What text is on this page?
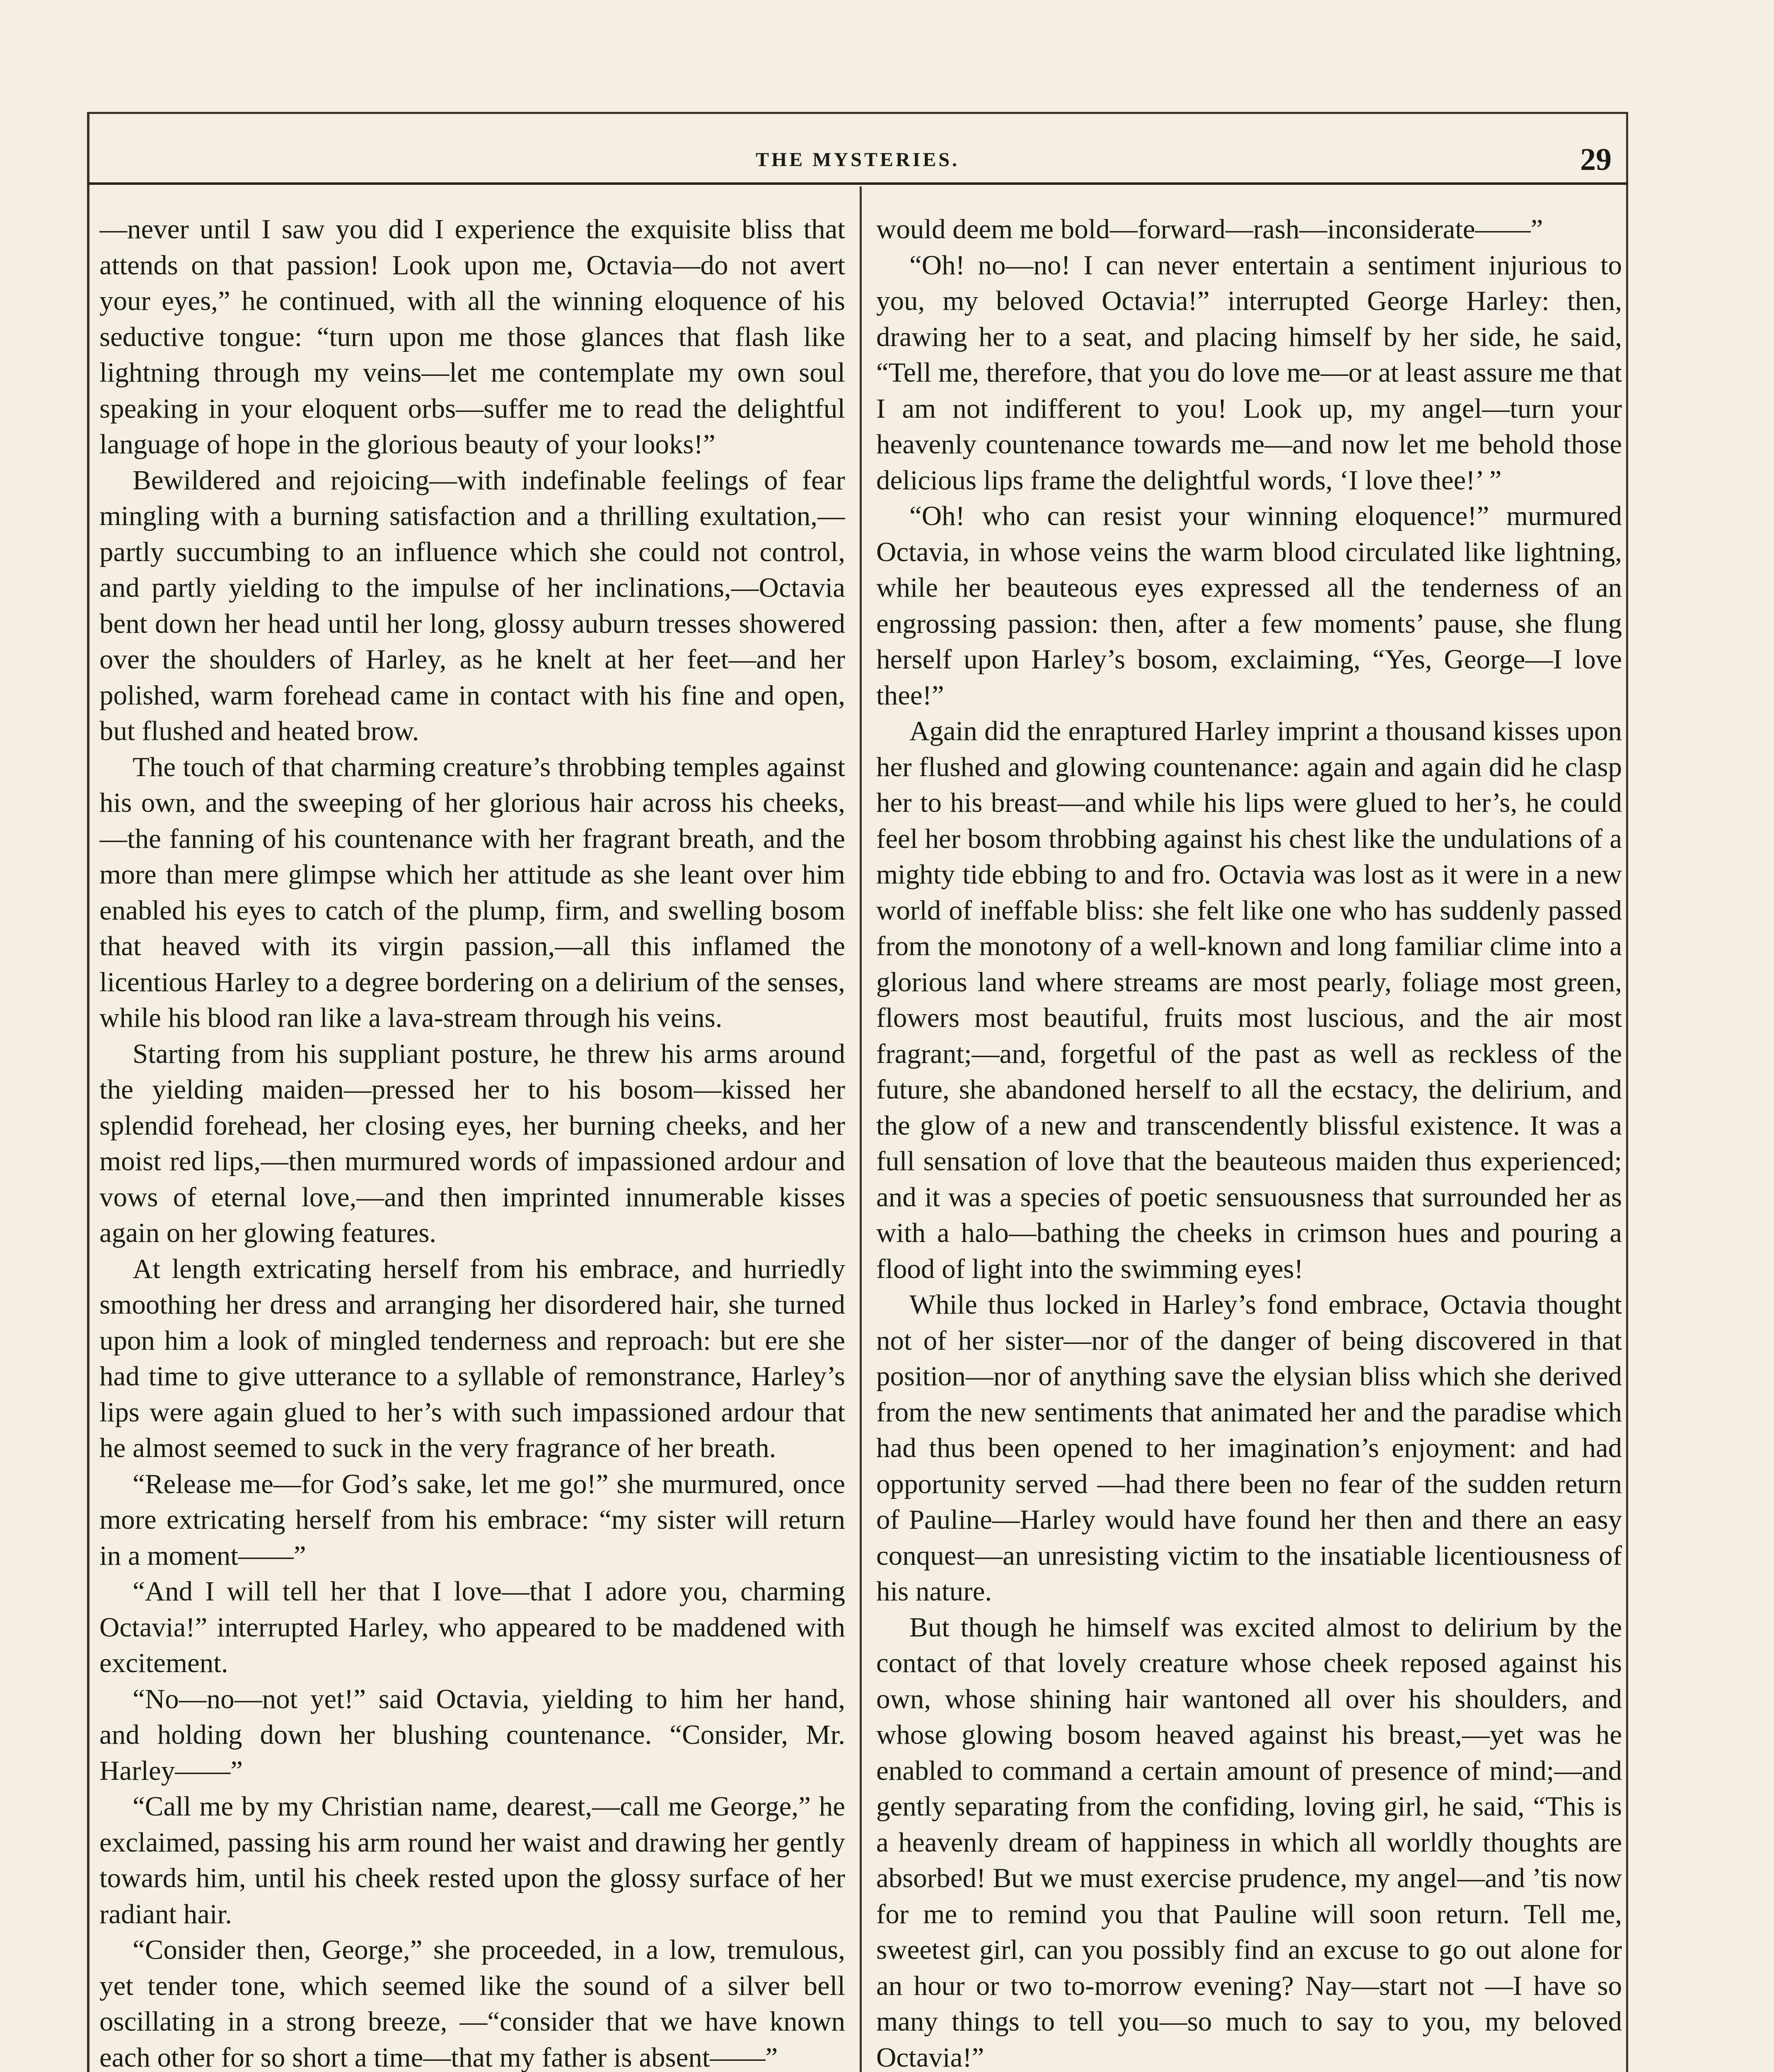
THE MYSTERIES.	29

—never until I saw you did I experience the exquisite bliss that attends on that passion! Look upon me, Octavia—do not avert your eyes,” he continued, with all the winning eloquence of his seductive tongue: “turn upon me those glances that flash like lightning through my veins—let me contemplate my own soul speaking in your eloquent orbs—suffer me to read the delightful language of hope in the glorious beauty of your looks!”

Bewildered and rejoicing—with indefinable feelings of fear mingling with a burning satisfaction and a thrilling exultation,—partly succumbing to an influence which she could not control, and partly yielding to the impulse of her inclinations,—Octavia bent down her head until her long, glossy auburn tresses showered over the shoulders of Harley, as he knelt at her feet—and her polished, warm forehead came in contact with his fine and open, but flushed and heated brow.

The touch of that charming creature’s throbbing temples against his own, and the sweeping of her glorious hair across his cheeks,—the fanning of his countenance with her fragrant breath, and the more than mere glimpse which her attitude as she leant over him enabled his eyes to catch of the plump, firm, and swelling bosom that heaved with its virgin passion,—all this inflamed the licentious Harley to a degree bordering on a delirium of the senses, while his blood ran like a lava-stream through his veins.

Starting from his suppliant posture, he threw his arms around the yielding maiden—pressed her to his bosom—kissed her splendid forehead, her closing eyes, her burning cheeks, and her moist red lips,—then murmured words of impassioned ardour and vows of eternal love,—and then imprinted innumerable kisses again on her glowing features.

At length extricating herself from his embrace, and hurriedly smoothing her dress and arranging her disordered hair, she turned upon him a look of mingled tenderness and reproach: but ere she had time to give utterance to a syllable of remonstrance, Harley’s lips were again glued to her’s with such impassioned ardour that he almost seemed to suck in the very fragrance of her breath.

“Release me—for God’s sake, let me go!” she murmured, once more extricating herself from his embrace: “my sister will return in a moment——”

“And I will tell her that I love—that I adore you, charming Octavia!” interrupted Harley, who appeared to be maddened with excitement.

“No—no—not yet!” said Octavia, yielding to him her hand, and holding down her blushing countenance. “Consider, Mr. Harley——”

“Call me by my Christian name, dearest,—call me George,” he exclaimed, passing his arm round her waist and drawing her gently towards him, until his cheek rested upon the glossy surface of her radiant hair.

“Consider then, George,” she proceeded, in a low, tremulous, yet tender tone, which seemed like the sound of a silver bell oscillating in a strong breeze, —“consider that we have known each other for so short a time—that my father is absent——”

would deem me bold—forward—rash—inconsiderate——”

“Oh! no—no! I can never entertain a sentiment injurious to you, my beloved Octavia!” interrupted George Harley: then, drawing her to a seat, and placing himself by her side, he said, “Tell me, therefore, that you do love me—or at least assure me that I am not indifferent to you! Look up, my angel—turn your heavenly countenance towards me—and now let me behold those delicious lips frame the delightful words, ‘I love thee!’ ”

“Oh! who can resist your winning eloquence!” murmured Octavia, in whose veins the warm blood circulated like lightning, while her beauteous eyes expressed all the tenderness of an engrossing passion: then, after a few moments’ pause, she flung herself upon Harley’s bosom, exclaiming, “Yes, George—I love thee!”

Again did the enraptured Harley imprint a thousand kisses upon her flushed and glowing countenance: again and again did he clasp her to his breast—and while his lips were glued to her’s, he could feel her bosom throbbing against his chest like the undulations of a mighty tide ebbing to and fro. Octavia was lost as it were in a new world of ineffable bliss: she felt like one who has suddenly passed from the monotony of a well-known and long familiar clime into a glorious land where streams are most pearly, foliage most green, flowers most beautiful, fruits most luscious, and the air most fragrant;—and, forgetful of the past as well as reckless of the future, she abandoned herself to all the ecstacy, the delirium, and the glow of a new and transcendently blissful existence. It was a full sensation of love that the beauteous maiden thus experienced; and it was a species of poetic sensuousness that surrounded her as with a halo—bathing the cheeks in crimson hues and pouring a flood of light into the swimming eyes!

While thus locked in Harley’s fond embrace, Octavia thought not of her sister—nor of the danger of being discovered in that position—nor of anything save the elysian bliss which she derived from the new sentiments that animated her and the paradise which had thus been opened to her imagination’s enjoyment: and had opportunity served —had there been no fear of the sudden return of Pauline—Harley would have found her then and there an easy conquest—an unresisting victim to the insatiable licentiousness of his nature.

But though he himself was excited almost to delirium by the contact of that lovely creature whose cheek reposed against his own, whose shining hair wantoned all over his shoulders, and whose glowing bosom heaved against his breast,—yet was he enabled to command a certain amount of presence of mind;—and gently separating from the confiding, loving girl, he said, “This is a heavenly dream of happiness in which all worldly thoughts are absorbed! But we must exercise prudence, my angel—and ’tis now for me to remind you that Pauline will soon return. Tell me, sweetest girl, can you possibly find an excuse to go out alone for an hour or two to-morrow evening? Nay—start not —I have so many things to tell you—so much to say to you, my beloved Octavia!”
